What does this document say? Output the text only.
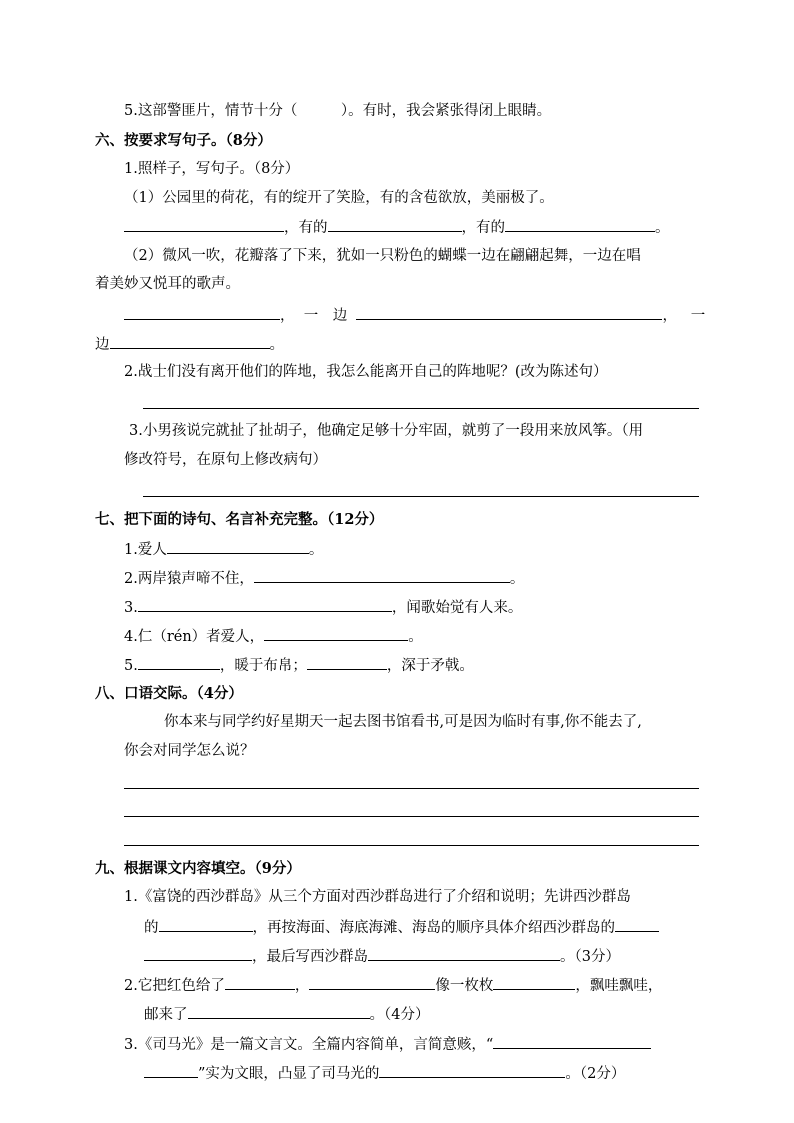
5.这部警匪片，情节十分（　　　）。有时，我会紧张得闭上眼睛。
六、按要求写句子。（8分）
1.照样子，写句子。（8分）
（1）公园里的荷花，有的绽开了笑脸，有的含苞欲放，美丽极了。
，有的	，有的	。
（2）微风一吹，花瓣落了下来，犹如一只粉色的蝴蝶一边在翩翩起舞，一边在唱
着美妙又悦耳的歌声。
， 一　边	， 一
边	。
2.战士们没有离开他们的阵地，我怎么能离开自己的阵地呢？(改为陈述句）
3.小男孩说完就扯了扯胡子，他确定足够十分牢固，就剪了一段用来放风筝。（用
修改符号，在原句上修改病句）
七、把下面的诗句、名言补充完整。（12分）
1.爱人	。
2.两岸猿声啼不住，	。
3.	，闻歌始觉有人来。
4.仁（rén）者爱人，	。
5.	，暖于布帛；	，深于矛戟。
八、口语交际。（4分）
你本来与同学约好星期天一起去图书馆看书,可是因为临时有事,你不能去了,
你会对同学怎么说？
九、根据课文内容填空。（9分）
1.《富饶的西沙群岛》从三个方面对西沙群岛进行了介绍和说明；先讲西沙群岛
的	，再按海面、海底海滩、海岛的顺序具体介绍西沙群岛的
，最后写西沙群岛	。（3分）
2.它把红色给了	，	像一枚枚	，飘哇飘哇，
邮来了	。（4分）
3.《司马光》是一篇文言文。全篇内容简单，言简意赅，“
”实为文眼，凸显了司马光的	。（2分）
